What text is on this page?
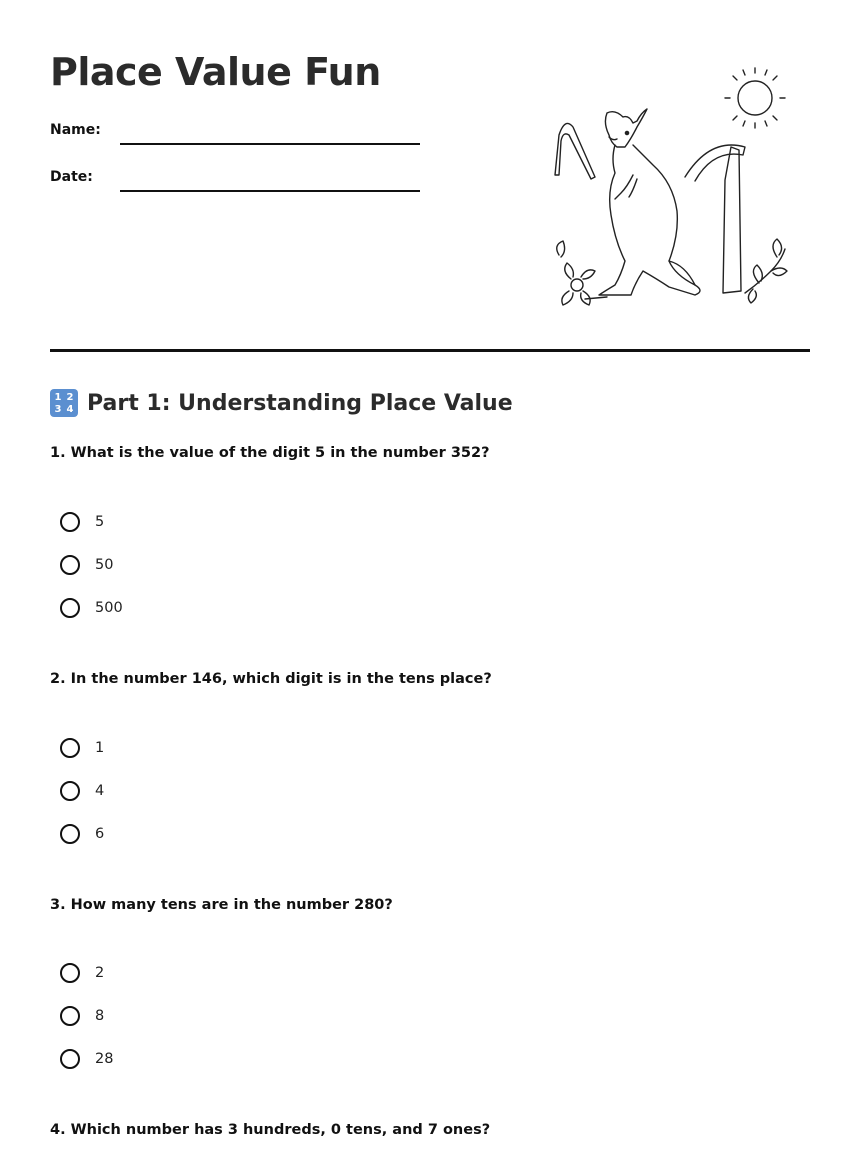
Place Value Fun
Name:
Date:
1 2
3 4 Part 1: Understanding Place Value

1. What is the value of the digit 5 in the number 352?

5
50
500

2. In the number 146, which digit is in the tens place?

1
4
6

3. How many tens are in the number 280?

2
8
28

4. Which number has 3 hundreds, 0 tens, and 7 ones?
